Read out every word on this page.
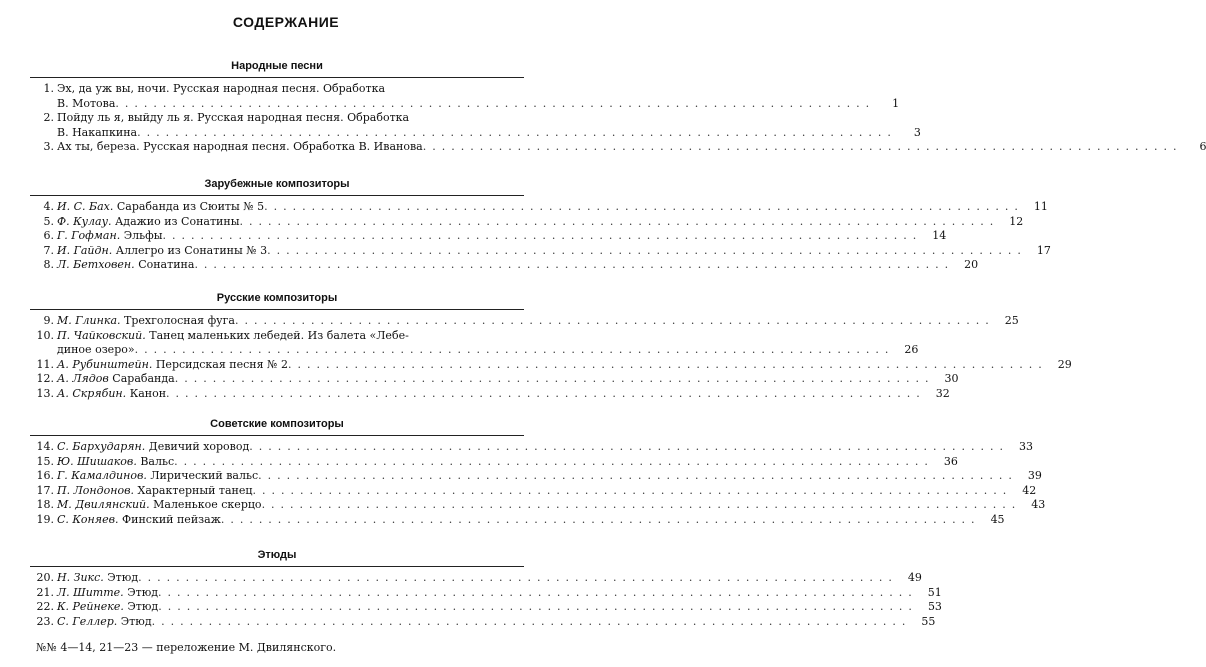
СОДЕРЖАНИЕ
Народные песни
1. Эх, да уж вы, ночи. Русская народная песня. Обработка
В. Мотова ................................................................................	1
2. Пойду ль я, выйду ль я. Русская народная песня. Обработка
В. Накапкина ................................................................................	3
3. Ах ты, береза. Русская народная песня. Обработка В. Иванова ................................................................................	6
Зарубежные композиторы
4. И. С. Бах. Сарабанда из Сюиты № 5 ................................................................................ 11
5. Ф. Кулау. Адажио из Сонатины ................................................................................ 12
6. Г. Гофман. Эльфы ................................................................................ 14
7. И. Гайдн. Аллегро из Сонатины № 3 ................................................................................ 17
8. Л. Бетховен. Сонатина ................................................................................ 20
Русские композиторы
9. М. Глинка. Трехголосная фуга ................................................................................ 25
10. П. Чайковский. Танец маленьких лебедей. Из балета «Лебе-
диное озеро» ................................................................................ 26
11. А. Рубинштейн. Персидская песня № 2 ................................................................................ 29
12. А. Лядов Сарабанда ................................................................................ 30
13. А. Скрябин. Канон ................................................................................ 32
Советские композиторы
14. С. Бархударян. Девичий хоровод ................................................................................ 33
15. Ю. Шишаков. Вальс ................................................................................ 36
16. Г. Камалдинов. Лирический вальс ................................................................................ 39
17. П. Лондонов. Характерный танец ................................................................................ 42
18. М. Двилянский. Маленькое скерцо ................................................................................ 43
19. С. Коняев. Финский пейзаж ................................................................................ 45
Этюды
20. Н. Зикс. Этюд ................................................................................ 49
21. Л. Шитте. Этюд ................................................................................ 51
22. К. Рейнеке. Этюд ................................................................................ 53
23. С. Геллер. Этюд ................................................................................ 55
№№ 4—14, 21—23 — переложение М. Двилянского.
